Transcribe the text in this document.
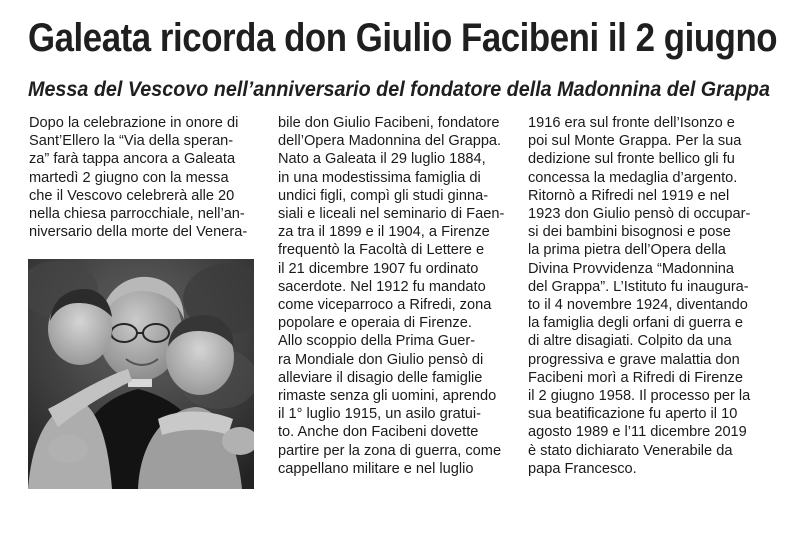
Galeata ricorda don Giulio Facibeni il 2 giugno
Messa del Vescovo nell’anniversario del fondatore della Madonnina del Grappa
Dopo la celebrazione in onore di
Sant’Ellero la “Via della speran-
za” farà tappa ancora a Galeata
martedì 2 giugno con la messa
che il Vescovo celebrerà alle 20
nella chiesa parrocchiale, nell’an-
niversario della morte del Venera-
bile don Giulio Facibeni, fondatore
dell’Opera Madonnina del Grappa.
Nato a Galeata il 29 luglio 1884,
in una modestissima famiglia di
undici figli, compì gli studi ginna-
siali e liceali nel seminario di Faen-
za tra il 1899 e il 1904, a Firenze
frequentò la Facoltà di Lettere e
il 21 dicembre 1907 fu ordinato
sacerdote. Nel 1912 fu mandato
come viceparroco a Rifredi, zona
popolare e operaia di Firenze.
Allo scoppio della Prima Guer-
ra Mondiale don Giulio pensò di
alleviare il disagio delle famiglie
rimaste senza gli uomini, aprendo
il 1° luglio 1915, un asilo gratui-
to. Anche don Facibeni dovette
partire per la zona di guerra, come
cappellano militare e nel luglio
1916 era sul fronte dell’Isonzo e
poi sul Monte Grappa. Per la sua
dedizione sul fronte bellico gli fu
concessa la medaglia d’argento.
Ritornò a Rifredi nel 1919 e nel
1923 don Giulio pensò di occupar-
si dei bambini bisognosi e pose
la prima pietra dell’Opera della
Divina Provvidenza “Madonnina
del Grappa”. L’Istituto fu inaugura-
to il 4 novembre 1924, diventando
la famiglia degli orfani di guerra e
di altre disagiati. Colpito da una
progressiva e grave malattia don
Facibeni morì a Rifredi di Firenze
il 2 giugno 1958. Il processo per la
sua beatificazione fu aperto il 10
agosto 1989 e l’11 dicembre 2019
è stato dichiarato Venerabile da
papa Francesco.
